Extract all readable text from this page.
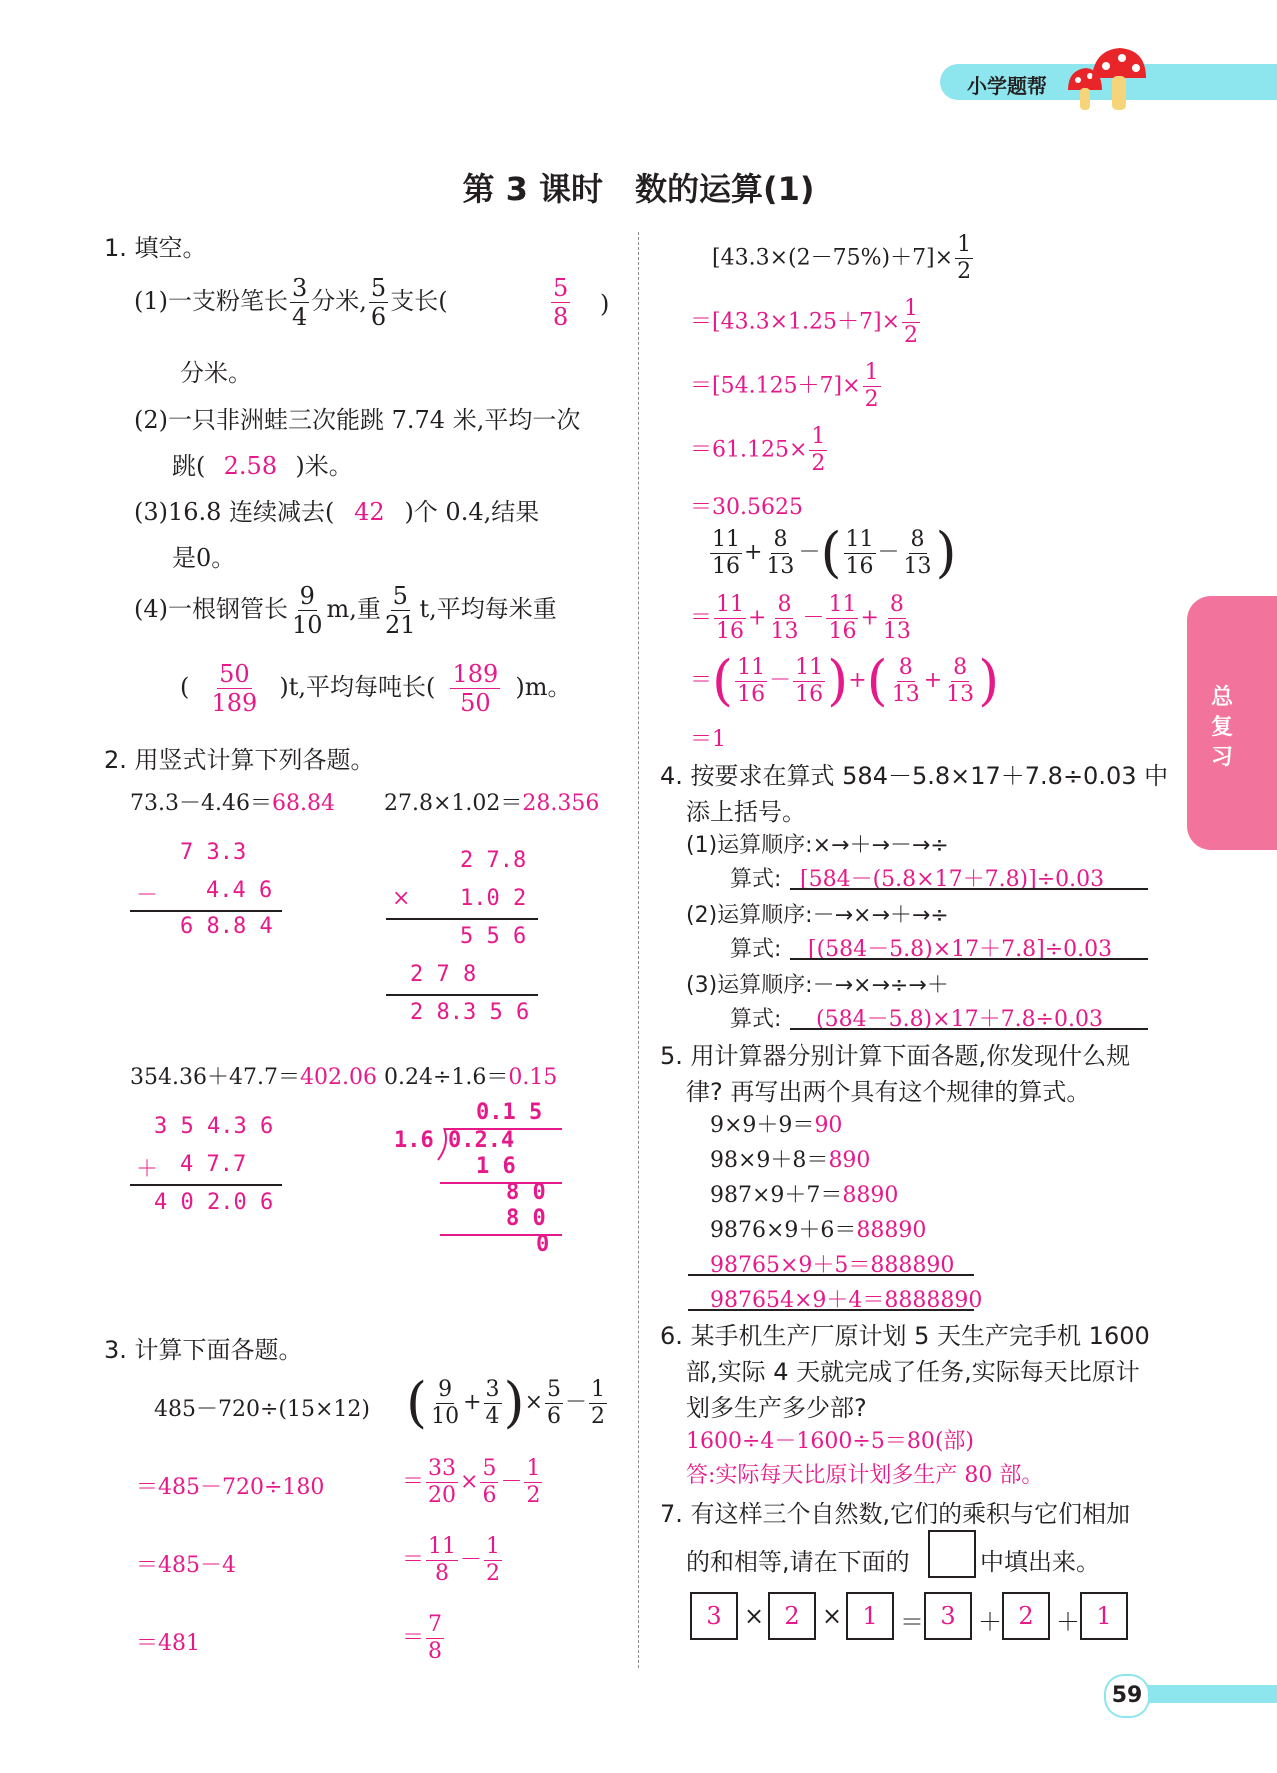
小学题帮
总
复
习
第 3 课时　数的运算(1)
1. 填空。
(1)一支粉笔长 $\frac{3}{4}$ 分米, $\frac{5}{6}$ 支长(	$\frac{5}{8}$ )
分米。
(2)一只非洲蛙三次能跳 7.74 米,平均一次
跳( 2.58 )米。
(3)16.8 连续减去( 42 )个 0.4,结果
是0。
(4)一根钢管长 $\frac{9}{10} m$,重 $\frac{5}{21} t$,平均每米重
( $\frac{50}{189} )t$,平均每吨长( $\frac{189}{50} )m$。
2. 用竖式计算下列各题。
73.3－4.46＝68.84 27.8×1.02＝28.356
7 3.3
－ 4.4 6
6 8.8 4
2 7.8
× 1.0 2
5 5 6
2 7 8
2 8.3 5 6
354.36＋47.7＝402.06 0.24÷1.6＝0.15
3 5 4.3 6
＋ 4 7.7
4 0 2.0 6
0.1 5
1.6 0.2.4
1 6
8 0
8 0
0
3. 计算下面各题。
485－720÷(15×12)
＝485－720÷180
＝485－4
＝481
( $\frac{9}{10} + \frac{3}{4}$ )× $\frac{5}{6} - \frac{1}{2}$
＝ $\frac{33}{20} \times \frac{5}{6} - \frac{1}{2}$
＝ $\frac{11}{8} - \frac{1}{2}$
＝ $\frac{7}{8}$
$[43.3\times(2-75\%)+7]\times \frac{1}{2}$
$=[43.3\times 1.25+7]\times \frac{1}{2}$
$=[54.125+7]\times \frac{1}{2}$
$=61.125\times \frac{1}{2}$
＝30.5625
$\frac{11}{16} + \frac{8}{13}$ －( $\frac{11}{16} - \frac{8}{13}$ )
＝ $\frac{11}{16} + \frac{8}{13} - \frac{11}{16} + \frac{8}{13}$
＝( $\frac{11}{16} - \frac{11}{16}$ )+( $\frac{8}{13} + \frac{8}{13}$ )
＝1
4. 按要求在算式 584－5.8×17＋7.8÷0.03 中
添上括号。
(1)运算顺序:×→＋→－→÷
算式: [584－(5.8×17＋7.8)]÷0.03
(2)运算顺序:－→×→＋→÷
算式: [(584－5.8)×17＋7.8]÷0.03
(3)运算顺序:－→×→÷→＋
算式: (584－5.8)×17＋7.8÷0.03
5. 用计算器分别计算下面各题,你发现什么规
律? 再写出两个具有这个规律的算式。
9×9＋9＝90
98×9＋8＝890
987×9＋7＝8890
9876×9＋6＝88890
98765×9＋5＝888890
987654×9＋4＝8888890
6. 某手机生产厂原计划 5 天生产完手机 1600
部,实际 4 天就完成了任务,实际每天比原计
划多生产多少部?
1600÷4－1600÷5＝80(部)
答:实际每天比原计划多生产 80 部。
7. 有这样三个自然数,它们的乘积与它们相加
的和相等,请在下面的	中填出来。
3 × 2 × 1 ＝ 3 ＋ 2 ＋ 1
59
